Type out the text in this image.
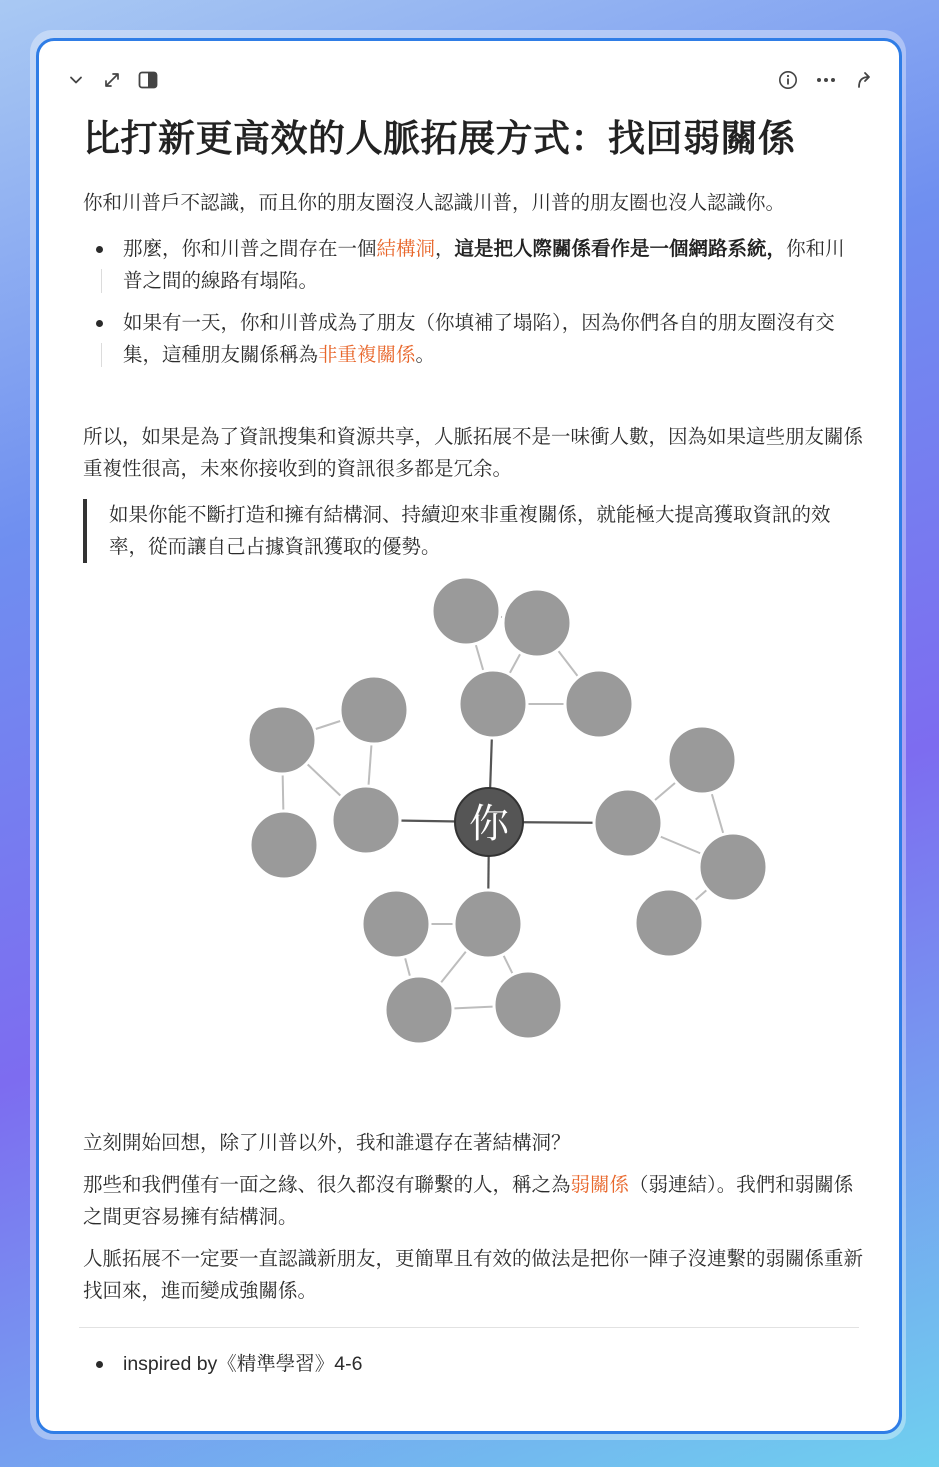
比打新更高效的人脈拓展方式：找回弱關係

你和川普戶不認識，而且你的朋友圈沒人認識川普，川普的朋友圈也沒人認識你。

那麼，你和川普之間存在一個結構洞，這是把人際關係看作是一個網路系統，你和川普之間的線路有塌陷。
如果有一天，你和川普成為了朋友（你填補了塌陷），因為你們各自的朋友圈沒有交集，這種朋友關係稱為非重複關係。

所以，如果是為了資訊搜集和資源共享，人脈拓展不是一味衝人數，因為如果這些朋友關係重複性很高，未來你接收到的資訊很多都是冗余。

如果你能不斷打造和擁有結構洞、持續迎來非重複關係，就能極大提高獲取資訊的效率，從而讓自己占據資訊獲取的優勢。

你

立刻開始回想，除了川普以外，我和誰還存在著結構洞？

那些和我們僅有一面之緣、很久都沒有聯繫的人，稱之為弱關係（弱連結）。我們和弱關係之間更容易擁有結構洞。

人脈拓展不一定要一直認識新朋友，更簡單且有效的做法是把你一陣子沒連繫的弱關係重新找回來，進而變成強關係。

inspired by《精準學習》4-6
